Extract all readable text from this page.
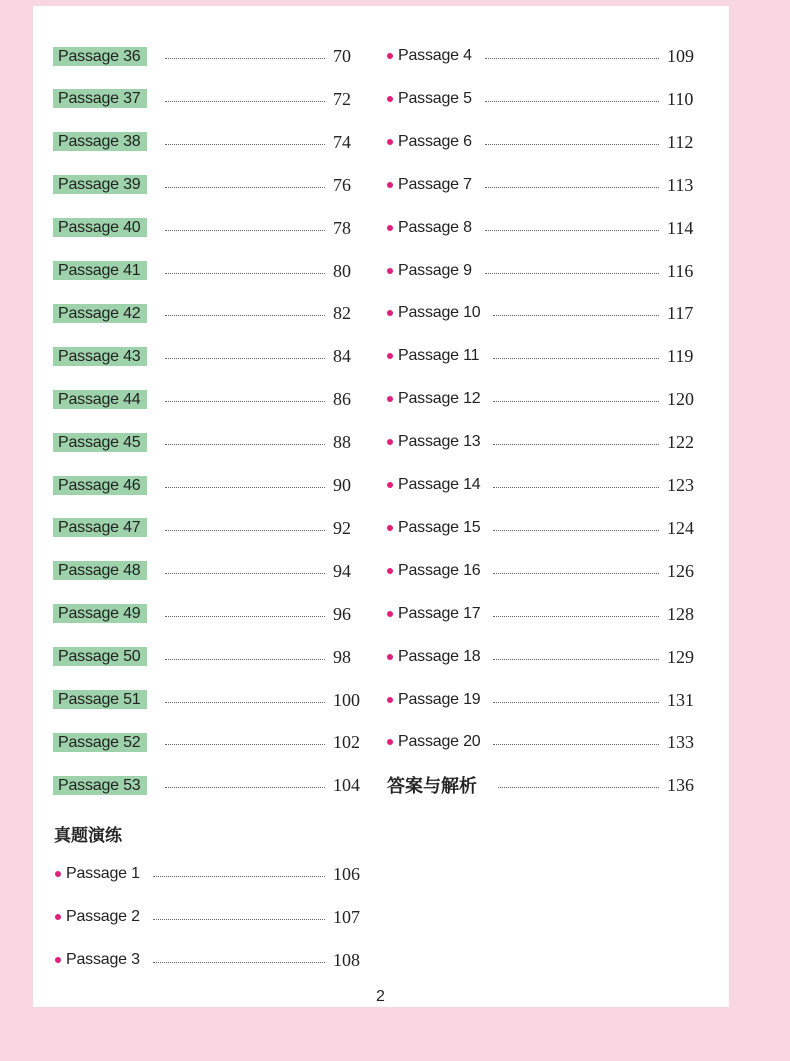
Passage 36	70
Passage 37	72
Passage 38	74
Passage 39	76
Passage 40	78
Passage 41	80
Passage 42	82
Passage 43	84
Passage 44	86
Passage 45	88
Passage 46	90
Passage 47	92
Passage 48	94
Passage 49	96
Passage 50	98
Passage 51	100
Passage 52	102
Passage 53	104
Passage 4	109
Passage 5	110
Passage 6	112
Passage 7	113
Passage 8	114
Passage 9	116
Passage 10	117
Passage 11	119
Passage 12	120
Passage 13	122
Passage 14	123
Passage 15	124
Passage 16	126
Passage 17	128
Passage 18	129
Passage 19	131
Passage 20	133
答案与解析	136
真题演练
Passage 1	106
Passage 2	107
Passage 3	108
2
